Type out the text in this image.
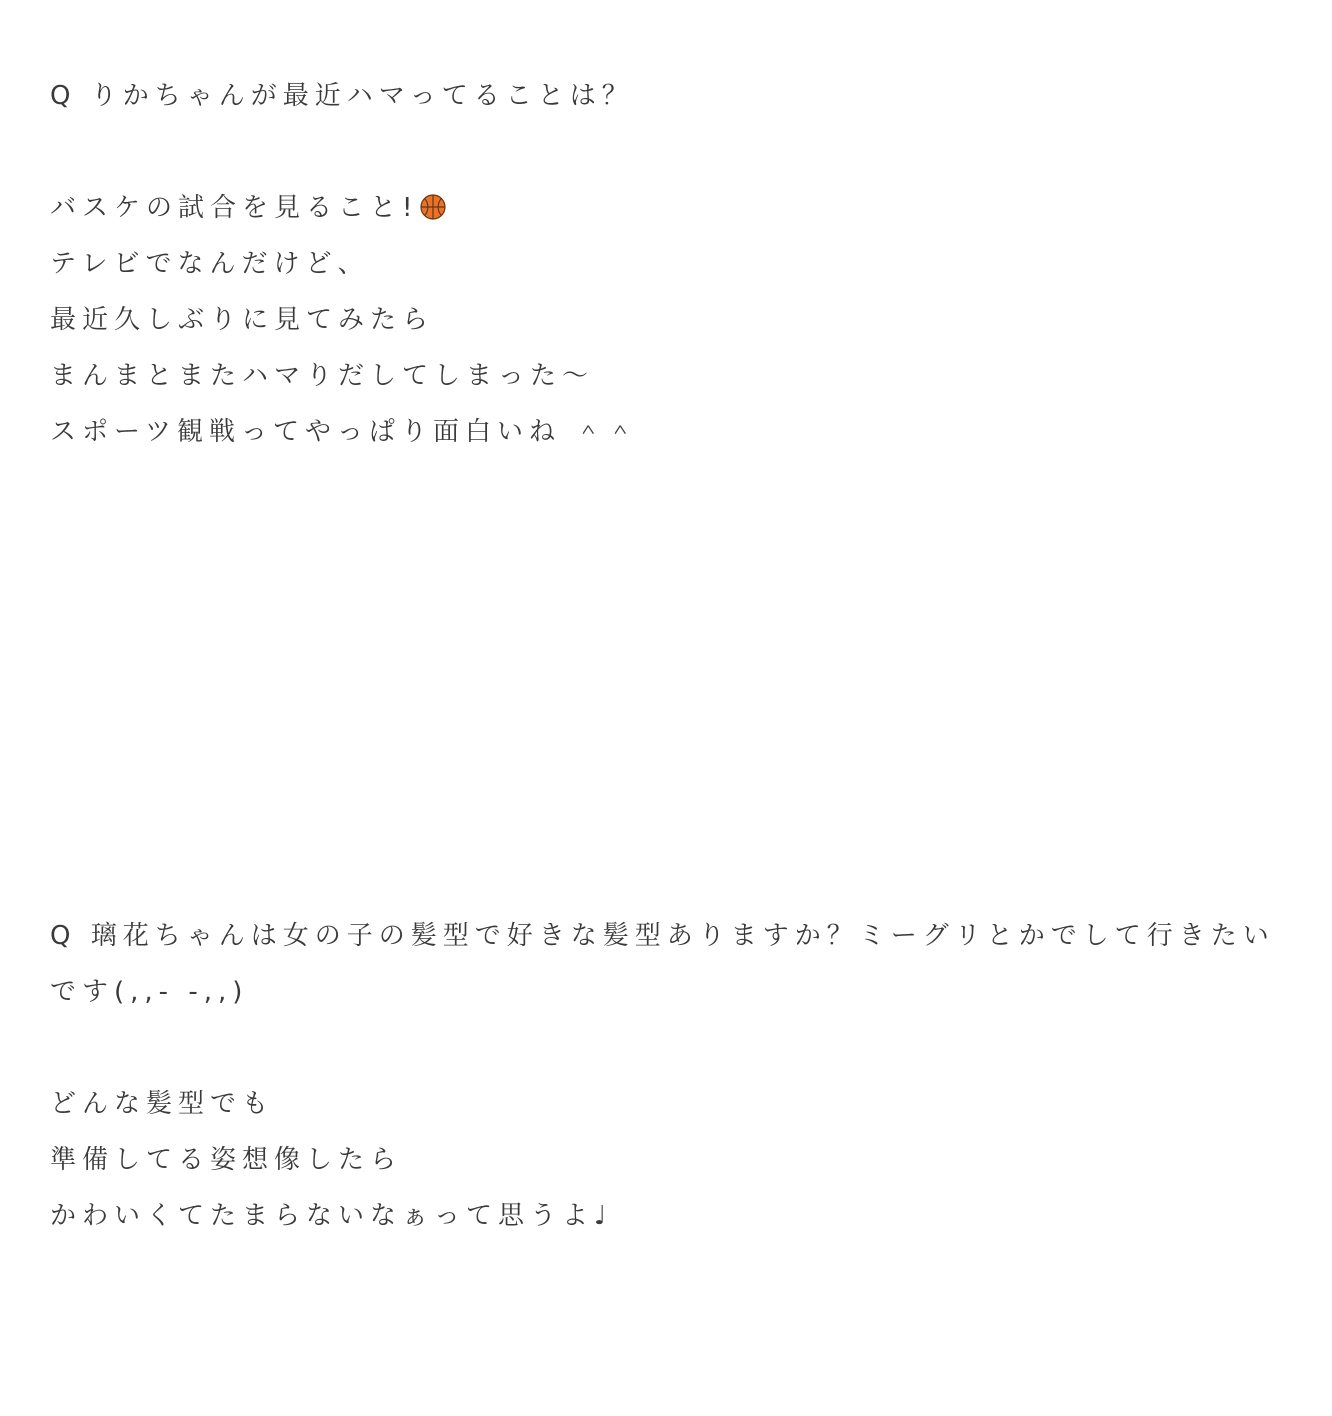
Q りかちゃんが最近ハマってることは？
バスケの試合を見ること!
テレビでなんだけど、
最近久しぶりに見てみたら
まんまとまたハマりだしてしまった〜
スポーツ観戦ってやっぱり面白いね ＾＾
Q 璃花ちゃんは女の子の髪型で好きな髪型ありますか？ミーグリとかでして行きたい
です(,,- -,,)
どんな髪型でも
準備してる姿想像したら
かわいくてたまらないなぁって思うよ♩
